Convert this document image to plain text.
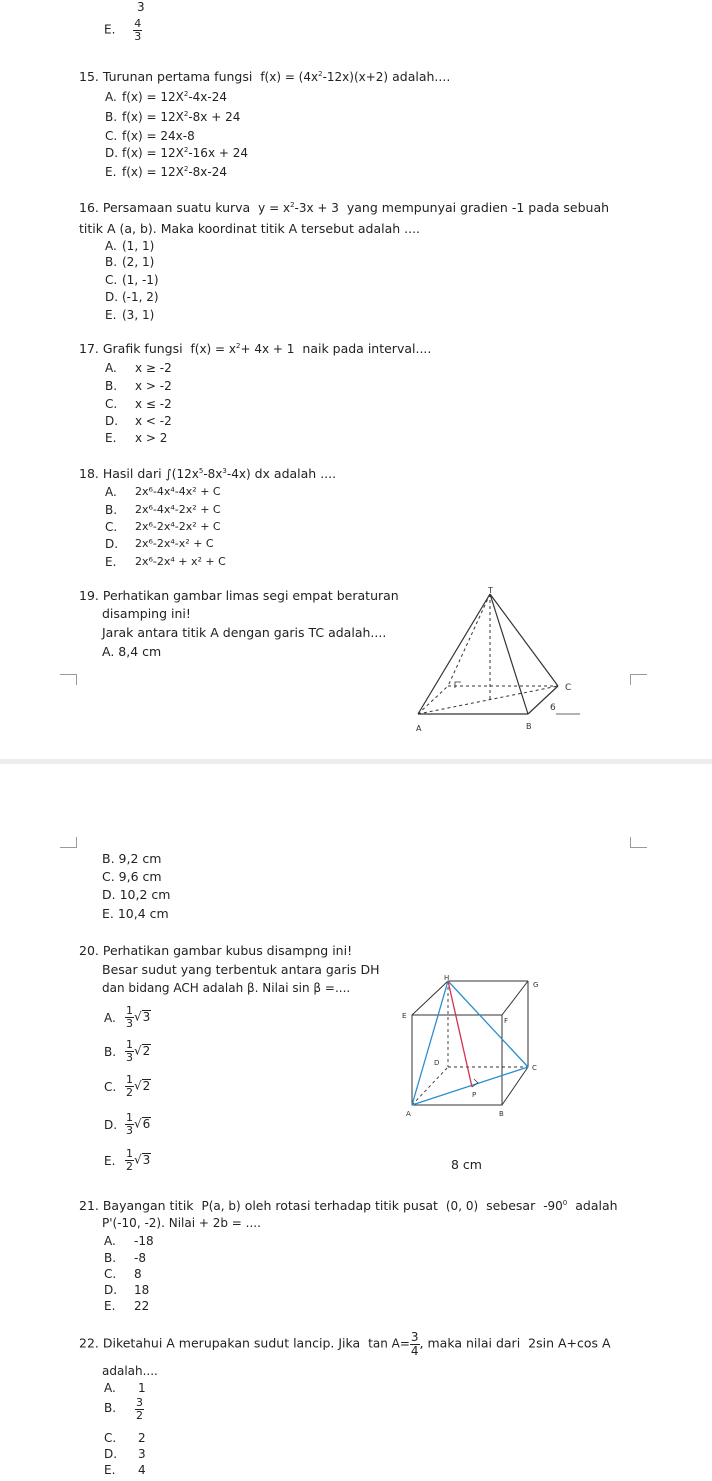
3
E. $\frac{4}{3}$
15. Turunan pertama fungsi $f(x) = (4x^2-12x)(x+2)$ adalah....
A. $f(x) = 12X^2-4x-24$
B. $f(x) = 12X^2-8x + 24$
C. f(x) = 24x-8
D. $f(x) = 12X^2-16x + 24$
E. $f(x) = 12X^2-8x-24$
16. Persamaan suatu kurva $y = x^2-3x + 3$ yang mempunyai gradien -1 pada sebuah
titik A (a, b). Maka koordinat titik A tersebut adalah ....
A. (1, 1)
B. (2, 1)
C. (1, -1)
D. (-1, 2)
E. (3, 1)
17. Grafik fungsi $f(x) = x^2+ 4x + 1$ naik pada interval....
A. x ≥ -2
B. x > -2
C. x ≤ -2
D. x < -2
E. x > 2
18. Hasil dari $\int(12x^5-8x^3-4x)$ dx adalah ....
A. 2x⁶-4x⁴-4x² + C
B. 2x⁶-4x⁴-2x² + C
C. 2x⁶-2x⁴-2x² + C
D. 2x⁶-2x⁴-x² + C
E. 2x⁶-2x⁴ + x² + C
19. Perhatikan gambar limas segi empat beraturan
disamping ini!
Jarak antara titik A dengan garis TC adalah....
A. 8,4 cm
T
C
A	B
6
B. 9,2 cm
C. 9,6 cm
D. 10,2 cm
E. 10,4 cm
20. Perhatikan gambar kubus disampng ini!
Besar sudut yang terbentuk antara garis DH
dan bidang ACH adalah β. Nilai sin β =....
A. $\frac{1}{3} √3$
B. $\frac{1}{3} √2$
C. $\frac{1}{2} √2$
D. $\frac{1}{3} √6$
E. $\frac{1}{2} √3$
H
G
E
F
D
C
P
A	B
8 cm
21. Bayangan titik P(a, b) oleh rotasi terhadap titik pusat (0, 0) sebesar $-90^0$ adalah
P'(-10, -2). Nilai + 2b = ....
A. -18
B. -8
C. 8
D. 18
E. 22
22. Diketahui A merupakan sudut lancip. Jika $\tan A= \frac{3}{4}$ , maka nilai dari 2sin A+cos A
adalah....
A. 1
B. $\frac{3}{2}$
C. 2
D. 3
E. 4
